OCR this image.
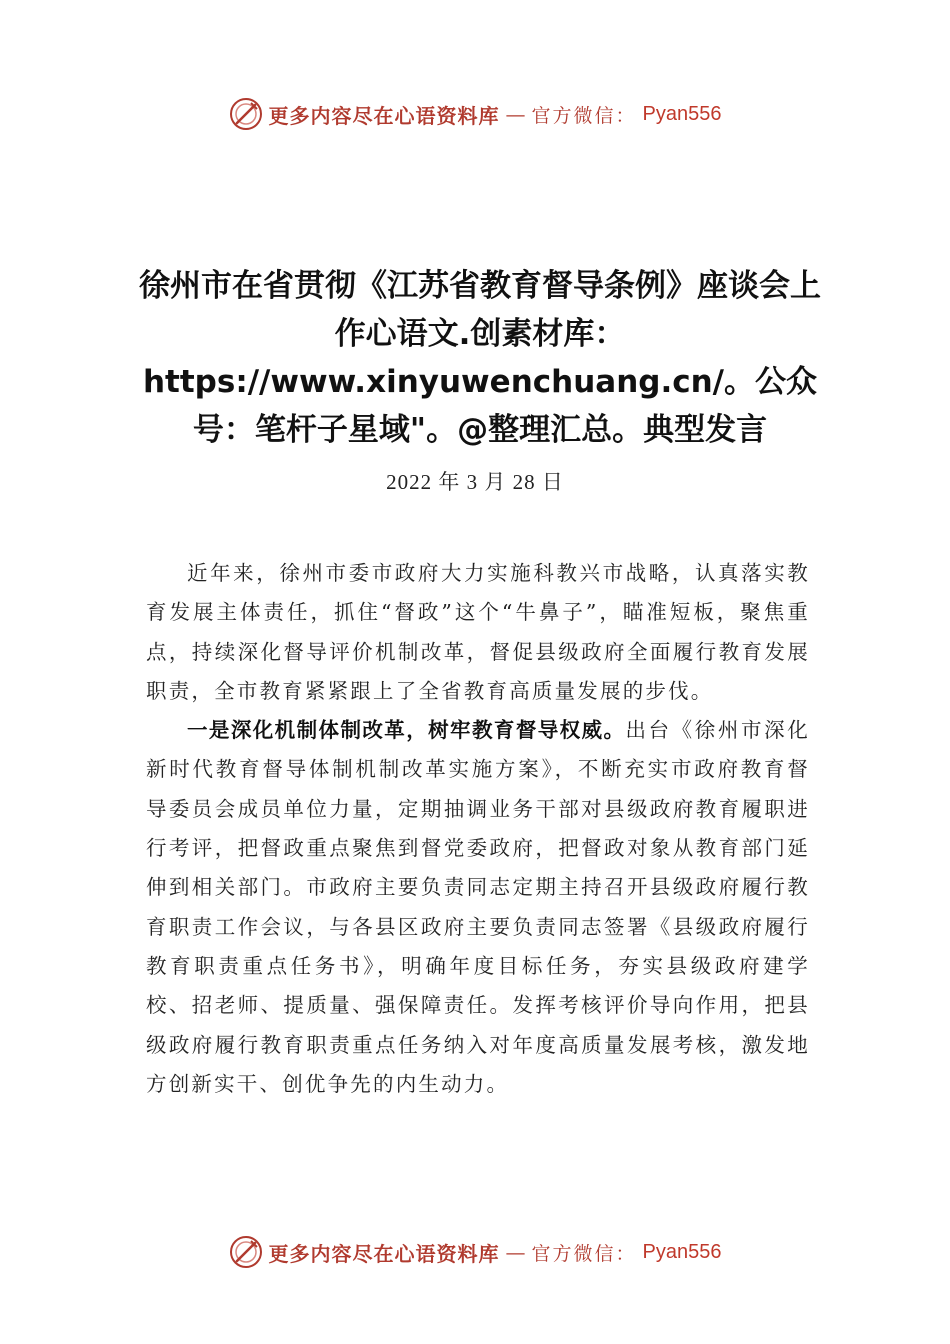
更多内容尽在心语资料库 — 官方微信： Pyan556
徐州市在省贯彻《江苏省教育督导条例》座谈会上作心语文.创素材库：https://www.xinyuwenchuang.cn/。公众号：笔杆子星域"。@整理汇总。典型发言
2022 年 3 月 28 日

近年来，徐州市委市政府大力实施科教兴市战略，认真落实教育发展主体责任，抓住“督政”这个“牛鼻子”，瞄准短板，聚焦重点，持续深化督导评价机制改革，督促县级政府全面履行教育发展职责，全市教育紧紧跟上了全省教育高质量发展的步伐。

一是深化机制体制改革，树牢教育督导权威。出台《徐州市深化新时代教育督导体制机制改革实施方案》，不断充实市政府教育督导委员会成员单位力量，定期抽调业务干部对县级政府教育履职进行考评，把督政重点聚焦到督党委政府，把督政对象从教育部门延伸到相关部门。市政府主要负责同志定期主持召开县级政府履行教育职责工作会议，与各县区政府主要负责同志签署《县级政府履行教育职责重点任务书》，明确年度目标任务，夯实县级政府建学校、招老师、提质量、强保障责任。发挥考核评价导向作用，把县级政府履行教育职责重点任务纳入对年度高质量发展考核，激发地方创新实干、创优争先的内生动力。

更多内容尽在心语资料库 — 官方微信： Pyan556
